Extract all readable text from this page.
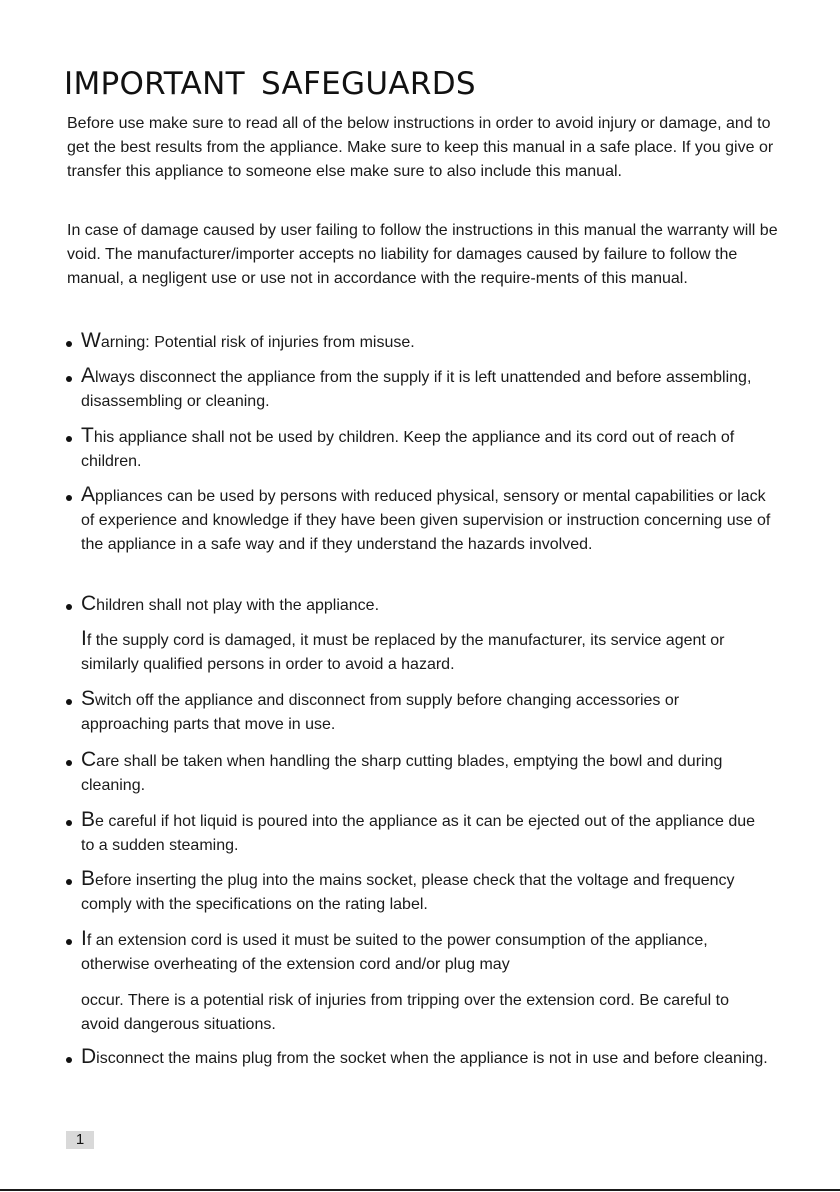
IMPORTANT SAFEGUARDS

Before use make sure to read all of the below instructions in order to avoid injury or damage, and to get the best results from the appliance. Make sure to keep this manual in a safe place. If you give or transfer this appliance to someone else make sure to also include this manual.

In case of damage caused by user failing to follow the instructions in this manual the warranty will be void. The manufacturer/importer accepts no liability for damages caused by failure to follow the manual, a negligent use or use not in accordance with the require-ments of this manual.

Warning: Potential risk of injuries from misuse.

Always disconnect the appliance from the supply if it is left unattended and before assembling, disassembling or cleaning.

This appliance shall not be used by children. Keep the appliance and its cord out of reach of children.

Appliances can be used by persons with reduced physical, sensory or mental capabilities or lack of experience and knowledge if they have been given supervision or instruction concerning use of the appliance in a safe way and if they understand the hazards involved.

Children shall not play with the appliance.

If the supply cord is damaged, it must be replaced by the manufacturer, its service agent or similarly qualified persons in order to avoid a hazard.

Switch off the appliance and disconnect from supply before changing accessories or approaching parts that move in use.

Care shall be taken when handling the sharp cutting blades, emptying the bowl and during cleaning.

Be careful if hot liquid is poured into the appliance as it can be ejected out of the appliance due to a sudden steaming.

Before inserting the plug into the mains socket, please check that the voltage and frequency comply with the specifications on the rating label.

If an extension cord is used it must be suited to the power consumption of the appliance, otherwise overheating of the extension cord and/or plug may

occur. There is a potential risk of injuries from tripping over the extension cord. Be careful to avoid dangerous situations.

Disconnect the mains plug from the socket when the appliance is not in use and before cleaning.

1
